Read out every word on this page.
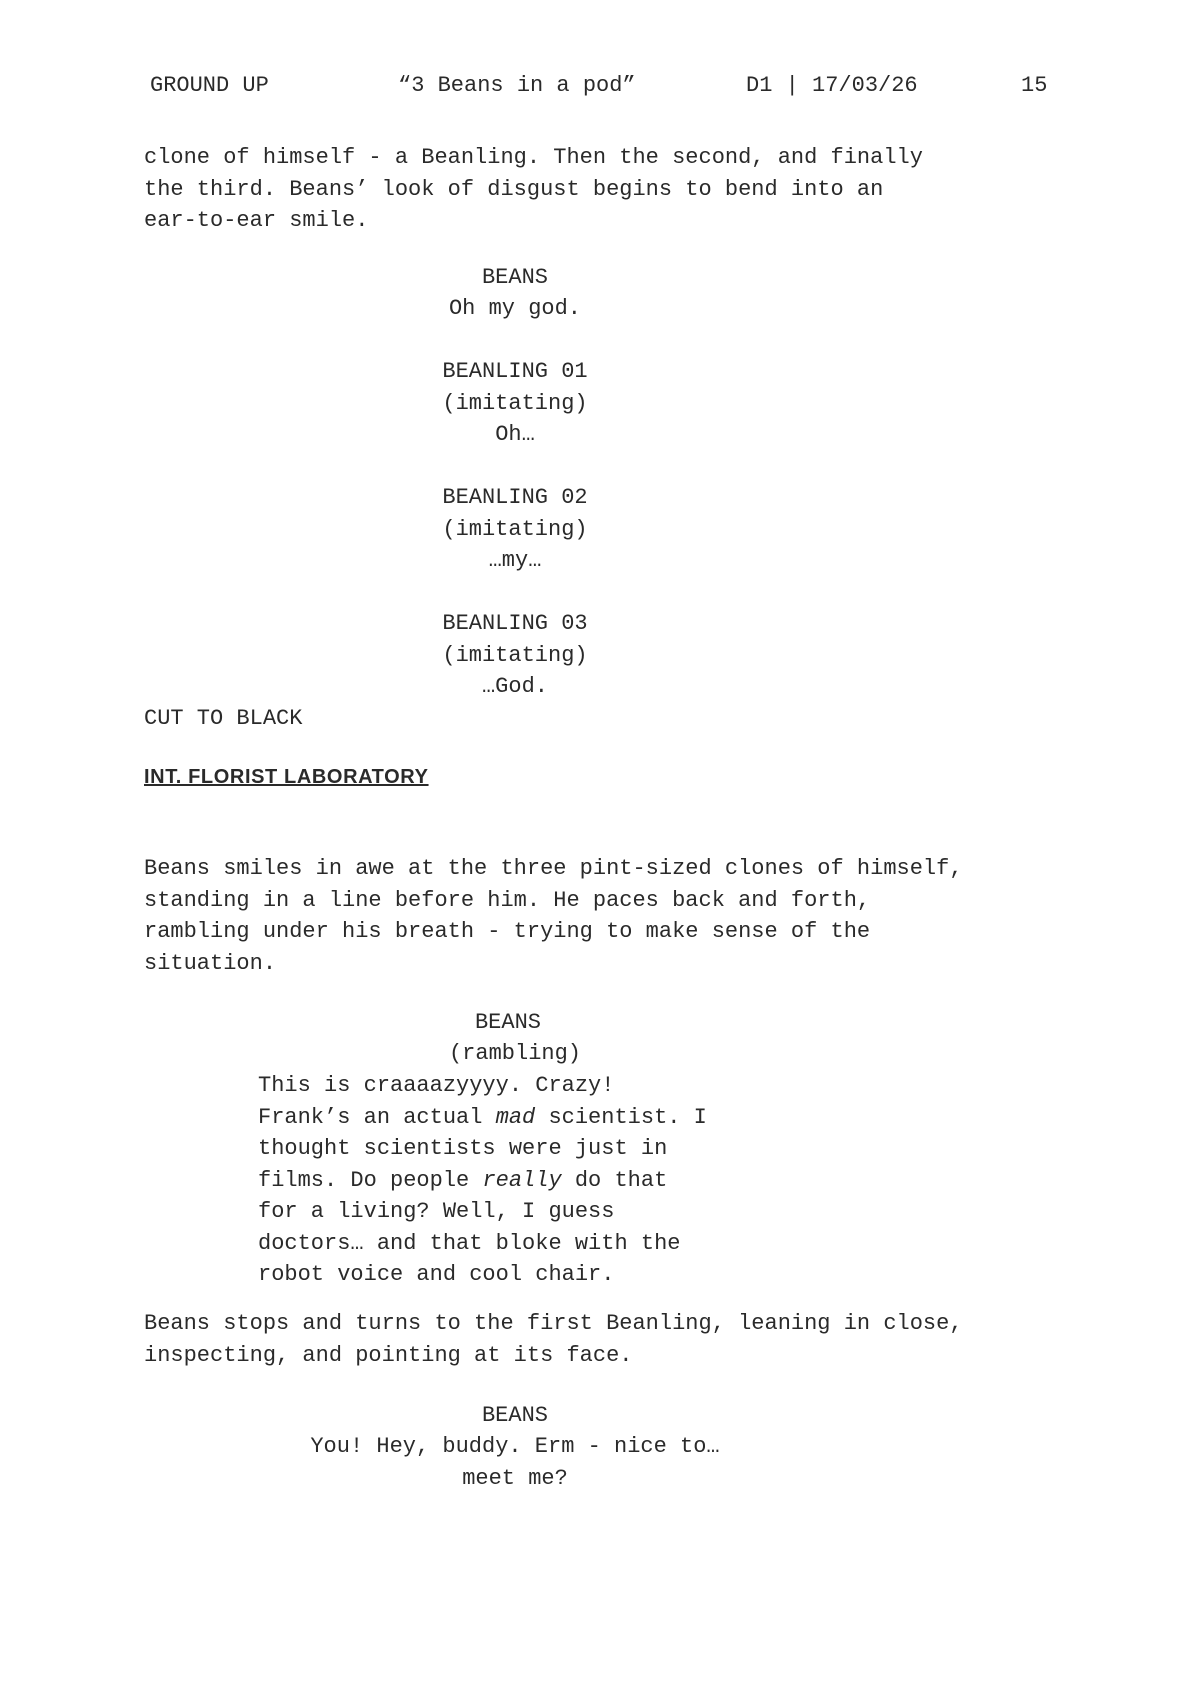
GROUND UP	“3 Beans in a pod”	D1 | 17/03/26	15

clone of himself - a Beanling. Then the second, and finally

the third. Beans’ look of disgust begins to bend into an

ear-to-ear smile.

BEANS
Oh my god.
BEANLING 01
(imitating)
Oh…
BEANLING 02
(imitating)
…my…
BEANLING 03
(imitating)
…God.
CUT TO BLACK
INT. FLORIST LABORATORY

Beans smiles in awe at the three pint-sized clones of himself,

standing in a line before him. He paces back and forth,

rambling under his breath - trying to make sense of the

situation.

BEANS
(rambling)

This is craaaazyyyy. Crazy!

Frank’s an actual mad scientist. I

thought scientists were just in

films. Do people really do that

for a living? Well, I guess

doctors… and that bloke with the

robot voice and cool chair.

Beans stops and turns to the first Beanling, leaning in close,

inspecting, and pointing at its face.

BEANS
You! Hey, buddy. Erm - nice to…
meet me?
